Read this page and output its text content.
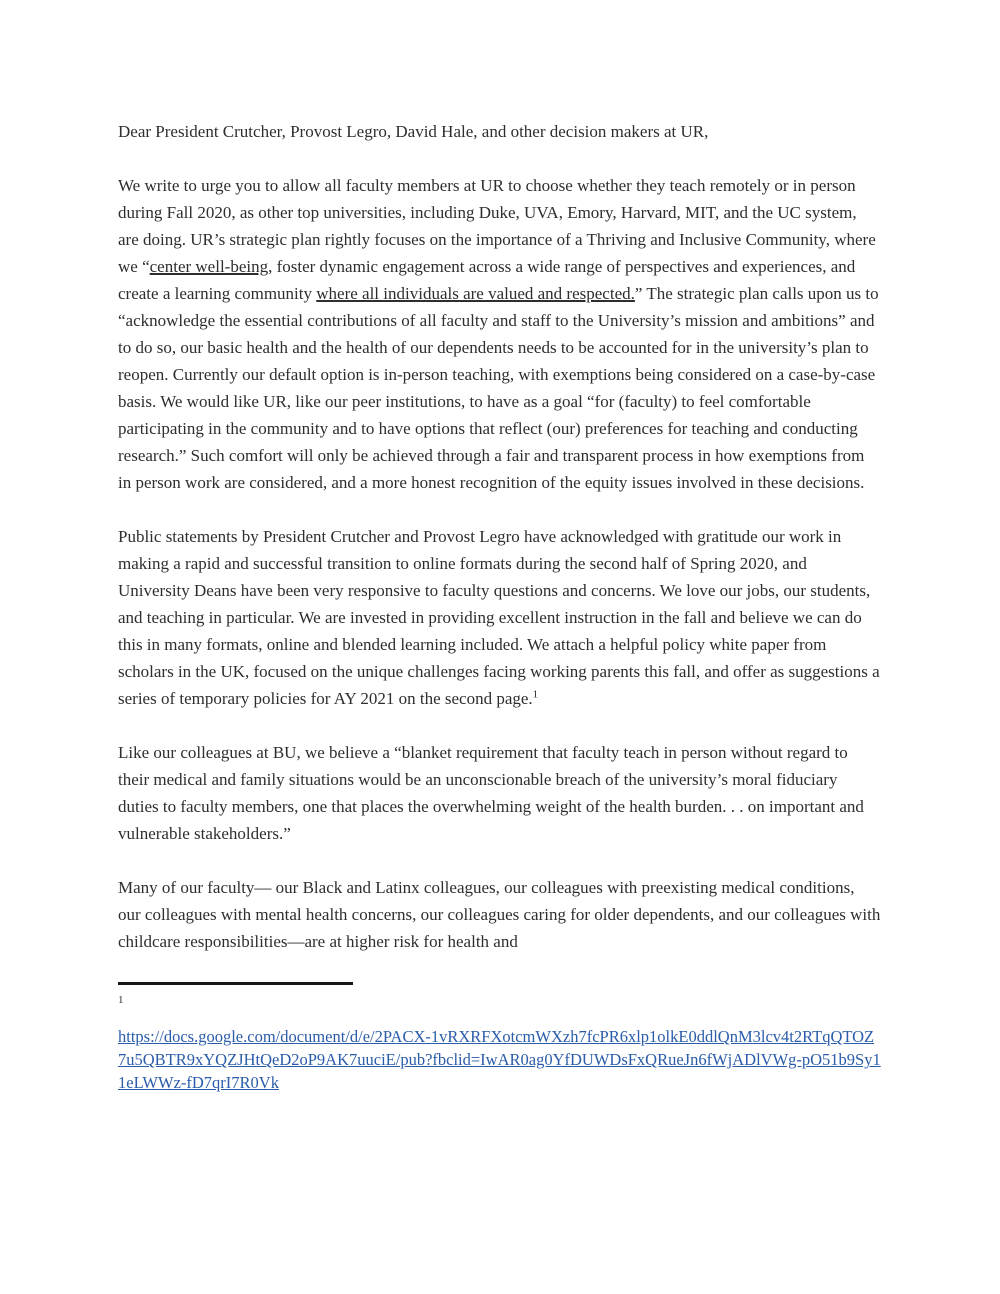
Dear President Crutcher, Provost Legro, David Hale, and other decision makers at UR,

We write to urge you to allow all faculty members at UR to choose whether they teach remotely or in person during Fall 2020, as other top universities, including Duke, UVA, Emory, Harvard, MIT, and the UC system, are doing. UR’s strategic plan rightly focuses on the importance of a Thriving and Inclusive Community, where we “center well-being, foster dynamic engagement across a wide range of perspectives and experiences, and create a learning community where all individuals are valued and respected.” The strategic plan calls upon us to “acknowledge the essential contributions of all faculty and staff to the University’s mission and ambitions” and to do so, our basic health and the health of our dependents needs to be accounted for in the university’s plan to reopen. Currently our default option is in-person teaching, with exemptions being considered on a case-by-case basis. We would like UR, like our peer institutions, to have as a goal “for (faculty) to feel comfortable participating in the community and to have options that reflect (our) preferences for teaching and conducting research.” Such comfort will only be achieved through a fair and transparent process in how exemptions from in person work are considered, and a more honest recognition of the equity issues involved in these decisions.

Public statements by President Crutcher and Provost Legro have acknowledged with gratitude our work in making a rapid and successful transition to online formats during the second half of Spring 2020, and University Deans have been very responsive to faculty questions and concerns. We love our jobs, our students, and teaching in particular. We are invested in providing excellent instruction in the fall and believe we can do this in many formats, online and blended learning included. We attach a helpful policy white paper from scholars in the UK, focused on the unique challenges facing working parents this fall, and offer as suggestions a series of temporary policies for AY 2021 on the second page.$^1$

Like our colleagues at BU, we believe a “blanket requirement that faculty teach in person without regard to their medical and family situations would be an unconscionable breach of the university’s moral fiduciary duties to faculty members, one that places the overwhelming weight of the health burden. . . on important and vulnerable stakeholders.”

Many of our faculty— our Black and Latinx colleagues, our colleagues with preexisting medical conditions, our colleagues with mental health concerns, our colleagues caring for older dependents, and our colleagues with childcare responsibilities—are at higher risk for health and

$^1$
https://docs.google.com/document/d/e/2PACX-1vRXRFXotcmWXzh7fcPR6xlp1olkE0ddlQnM3lcv4t2RTqQTOZ7u5QBTR9xYQZJHtQeD2oP9AK7uuciE/pub?fbclid=IwAR0ag0YfDUWDsFxQRueJn6fWjADlVWg-pO51b9Sy11eLWWz-fD7qrI7R0Vk
